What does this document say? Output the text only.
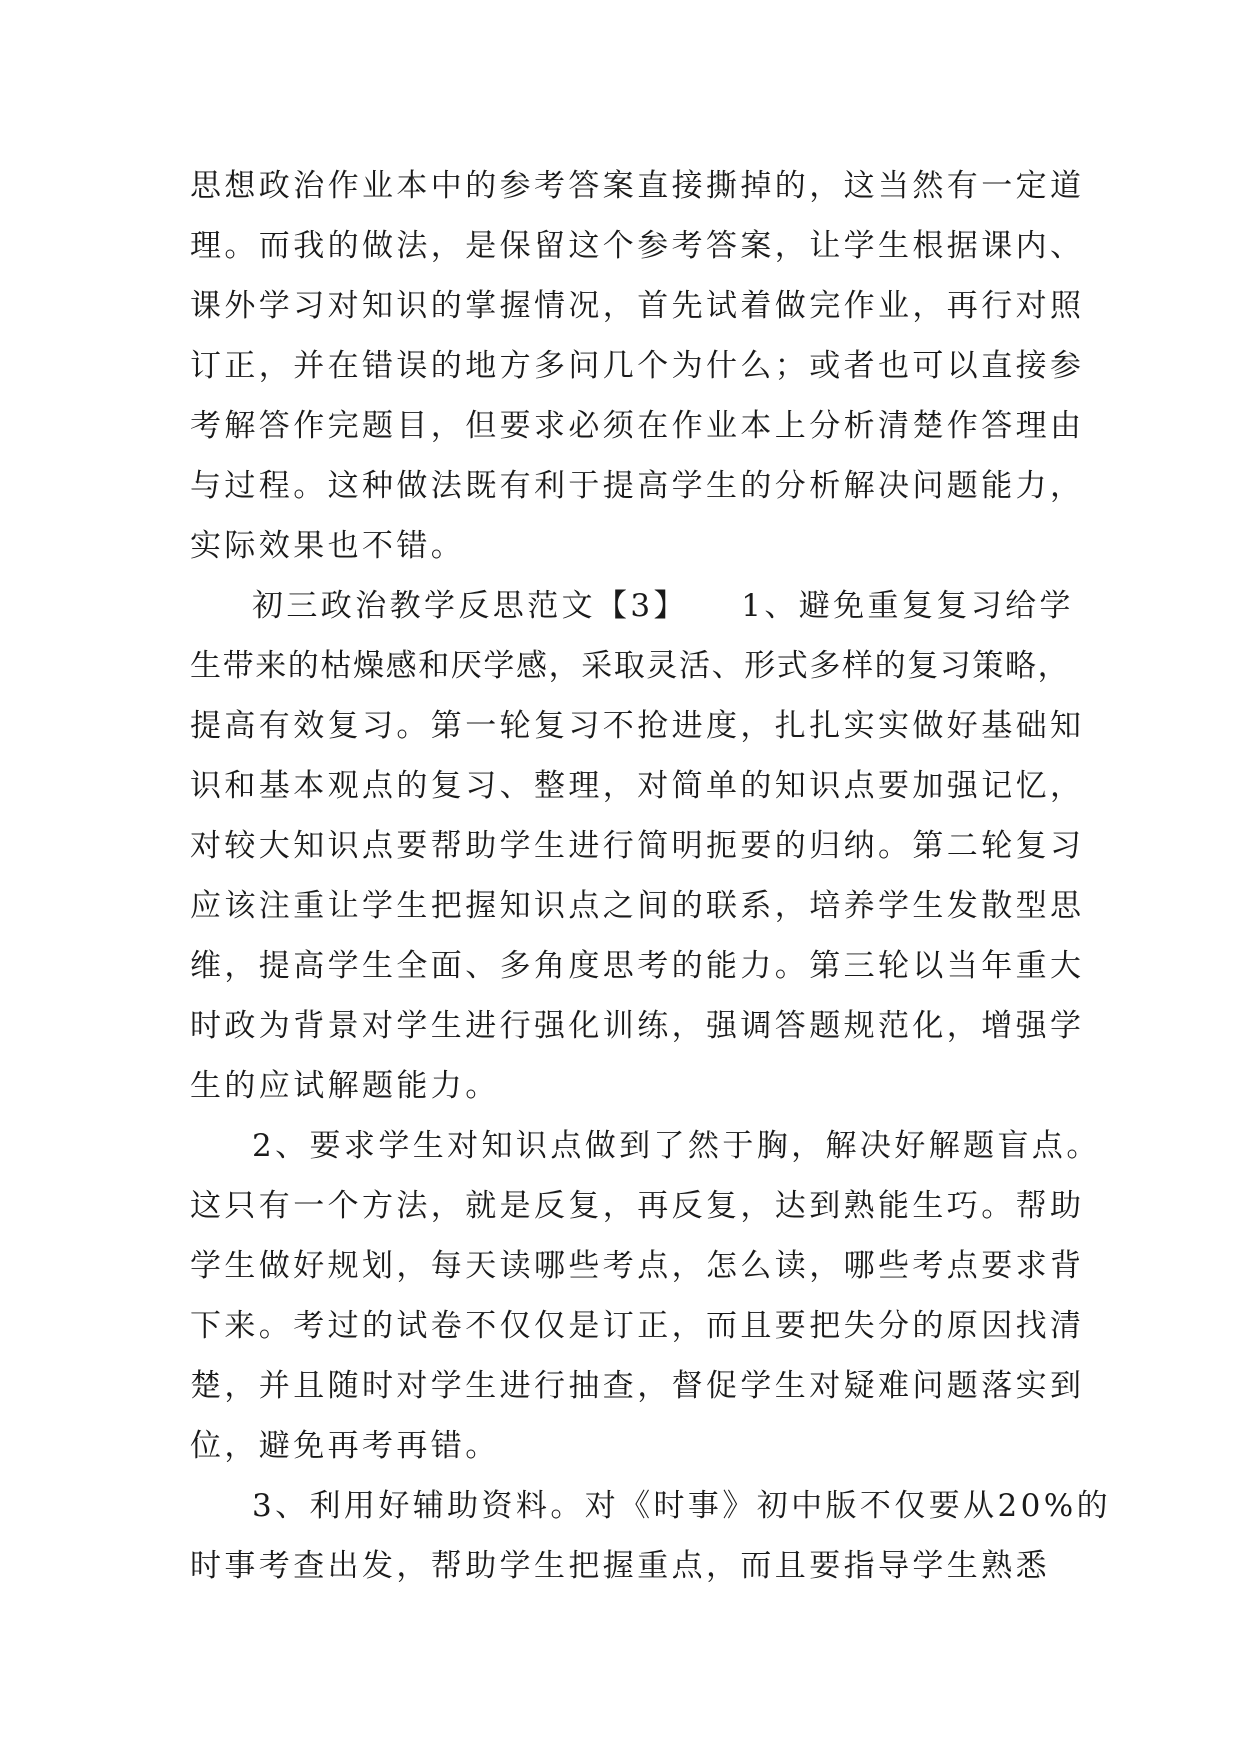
思想政治作业本中的参考答案直接撕掉的，这当然有一定道
理。而我的做法，是保留这个参考答案，让学生根据课内、
课外学习对知识的掌握情况，首先试着做完作业，再行对照
订正，并在错误的地方多问几个为什么；或者也可以直接参
考解答作完题目，但要求必须在作业本上分析清楚作答理由
与过程。这种做法既有利于提高学生的分析解决问题能力，
实际效果也不错。
初三政治教学反思范文【3】　　1、避免重复复习给学
生带来的枯燥感和厌学感，采取灵活、形式多样的复习策略，
提高有效复习。第一轮复习不抢进度，扎扎实实做好基础知
识和基本观点的复习、整理，对简单的知识点要加强记忆，
对较大知识点要帮助学生进行简明扼要的归纳。第二轮复习
应该注重让学生把握知识点之间的联系，培养学生发散型思
维，提高学生全面、多角度思考的能力。第三轮以当年重大
时政为背景对学生进行强化训练，强调答题规范化，增强学
生的应试解题能力。
2、要求学生对知识点做到了然于胸，解决好解题盲点。
这只有一个方法，就是反复，再反复，达到熟能生巧。帮助
学生做好规划，每天读哪些考点，怎么读，哪些考点要求背
下来。考过的试卷不仅仅是订正，而且要把失分的原因找清
楚，并且随时对学生进行抽查，督促学生对疑难问题落实到
位，避免再考再错。
3、利用好辅助资料。对《时事》初中版不仅要从20%的
时事考查出发，帮助学生把握重点，而且要指导学生熟悉
